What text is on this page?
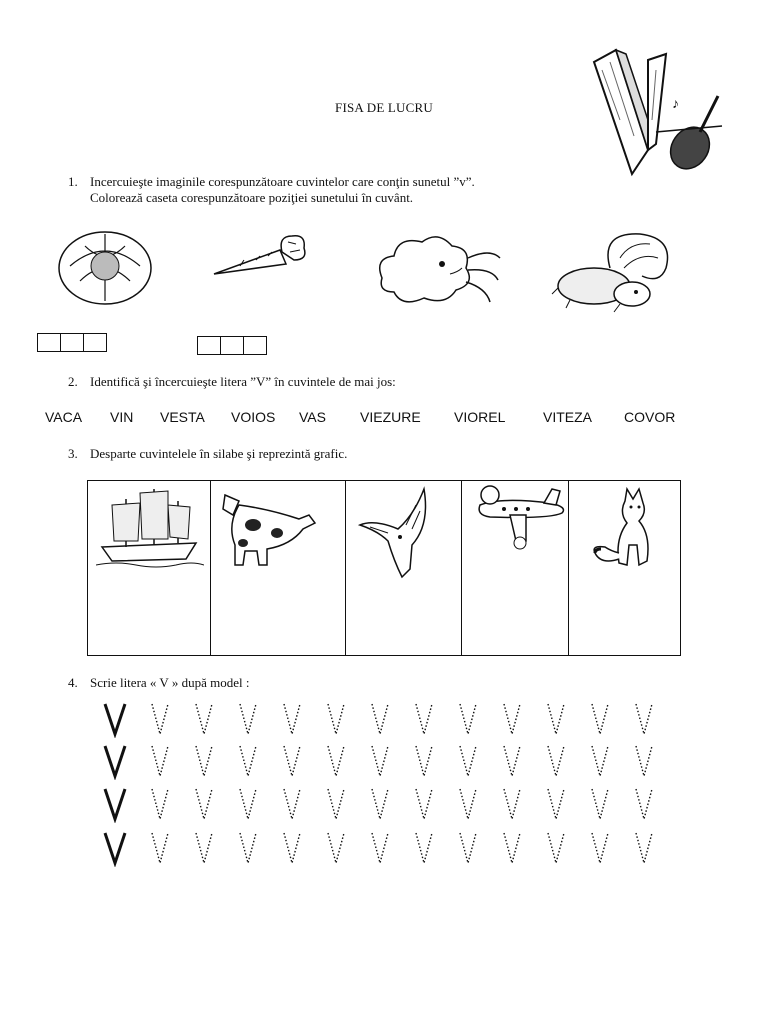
♪
FISA DE LUCRU
1. Incercuieşte imaginile corespunzătoare cuvintelor care conţin sunetul ”v”.
Colorează caseta corespunzătoare poziţiei sunetului în cuvânt.
2. Identifică şi încercuieşte litera ”V” în cuvintele de mai jos:
VACA VIN VESTA VOIOS VAS VIEZURE VIOREL	VITEZA COVOR
3. Desparte cuvintelele în silabe şi reprezintă grafic.
4. Scrie litera « V » după model :
